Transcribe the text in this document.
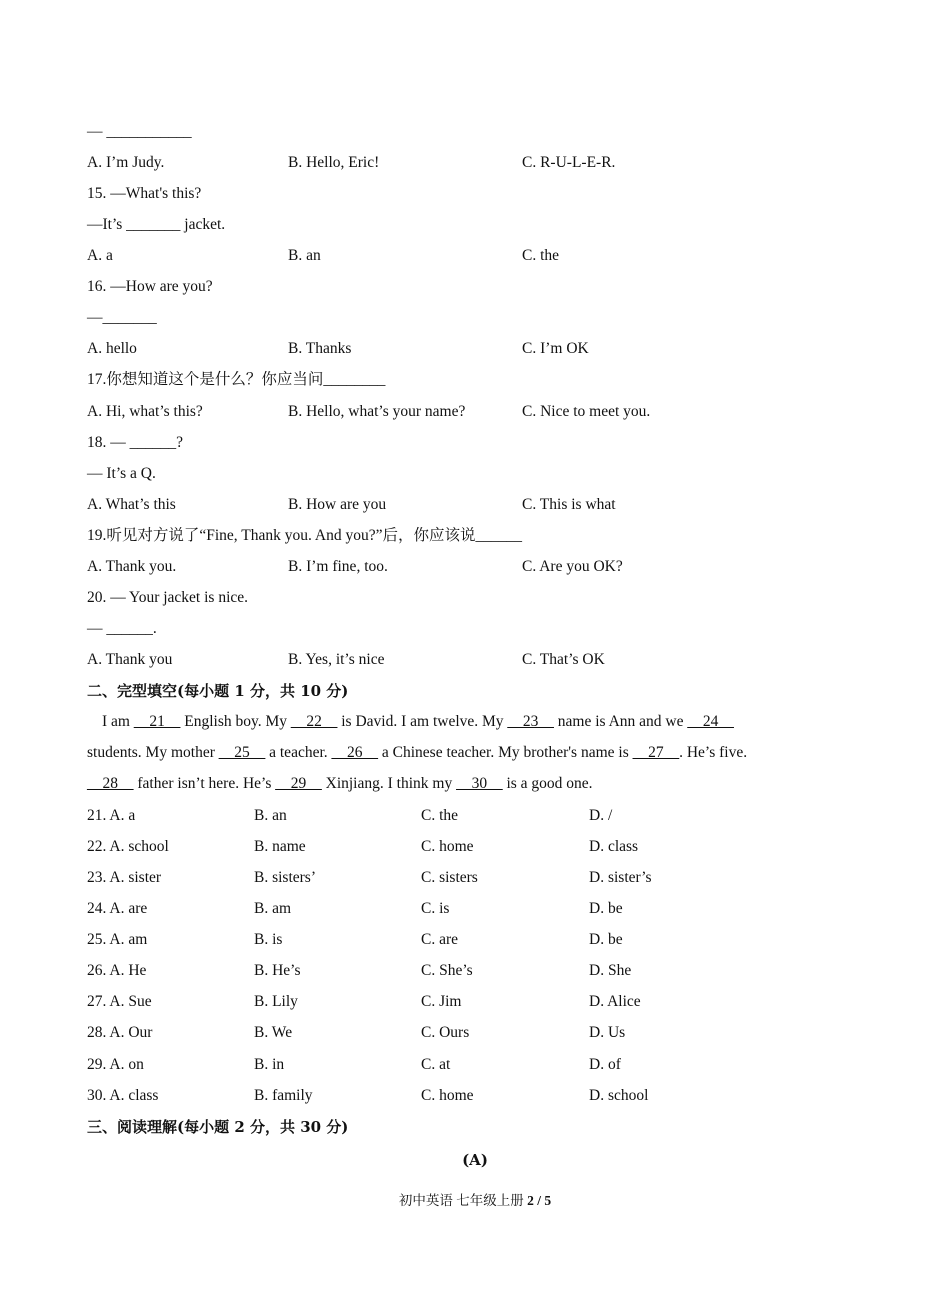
— ___________
A. I’m Judy.	B. Hello, Eric!	C. R-U-L-E-R.
15. —What's this?
—It’s _______ jacket.
A. a	B. an	C. the
16. —How are you?
—_______
A. hello	B. Thanks	C. I’m OK
17.你想知道这个是什么？你应当问________
A. Hi, what’s this?	B. Hello, what’s your name?	C. Nice to meet you.
18. — ______?
— It’s a Q.
A. What’s this	B. How are you	C. This is what
19.听见对方说了“Fine, Thank you. And you?”后，你应该说______
A. Thank you.	B. I’m fine, too.	C. Are you OK?
20. — Your jacket is nice.
— ______.
A. Thank you	B. Yes, it’s nice	C. That’s OK
二、完型填空(每小题 1 分，共 10 分)
I am __21__ English boy. My __22__ is David. I am twelve. My __23__ name is Ann and we __24__
students. My mother __25__ a teacher. __26__ a Chinese teacher. My brother's name is __27__. He’s five.
__28__ father isn’t here. He’s __29__ Xinjiang. I think my __30__ is a good one.
21. A. a	B. an	C. the	D. /
22. A. school	B. name	C. home	D. class
23. A. sister	B. sisters’	C. sisters	D. sister’s
24. A. are	B. am	C. is	D. be
25. A. am	B. is	C. are	D. be
26. A. He	B. He’s	C. She’s	D. She
27. A. Sue	B. Lily	C. Jim	D. Alice
28. A. Our	B. We	C. Ours	D. Us
29. A. on	B. in	C. at	D. of
30. A. class	B. family	C. home	D. school
三、阅读理解(每小题 2 分，共 30 分)
(A)
初中英语 七年级上册 2 / 5
